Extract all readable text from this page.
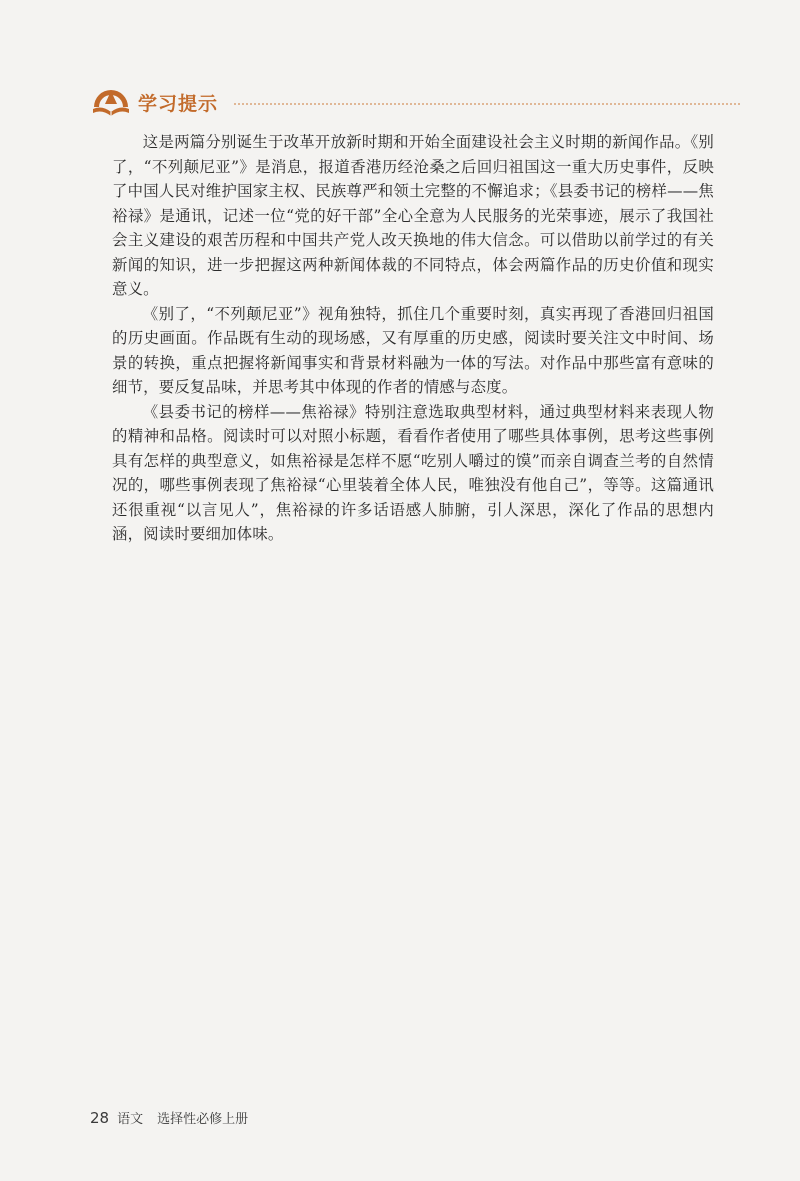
学习提示

这是两篇分别诞生于改革开放新时期和开始全面建设社会主义时期的新闻作品。《别了，“不列颠尼亚”》是消息，报道香港历经沧桑之后回归祖国这一重大历史事件，反映了中国人民对维护国家主权、民族尊严和领土完整的不懈追求；《县委书记的榜样——焦裕禄》是通讯，记述一位“党的好干部”全心全意为人民服务的光荣事迹，展示了我国社会主义建设的艰苦历程和中国共产党人改天换地的伟大信念。可以借助以前学过的有关新闻的知识，进一步把握这两种新闻体裁的不同特点，体会两篇作品的历史价值和现实意义。

《别了，“不列颠尼亚”》视角独特，抓住几个重要时刻，真实再现了香港回归祖国的历史画面。作品既有生动的现场感，又有厚重的历史感，阅读时要关注文中时间、场景的转换，重点把握将新闻事实和背景材料融为一体的写法。对作品中那些富有意味的细节，要反复品味，并思考其中体现的作者的情感与态度。

《县委书记的榜样——焦裕禄》特别注意选取典型材料，通过典型材料来表现人物的精神和品格。阅读时可以对照小标题，看看作者使用了哪些具体事例，思考这些事例具有怎样的典型意义，如焦裕禄是怎样不愿“吃别人嚼过的馍”而亲自调查兰考的自然情况的，哪些事例表现了焦裕禄“心里装着全体人民，唯独没有他自己”，等等。这篇通讯还很重视“以言见人”，焦裕禄的许多话语感人肺腑，引人深思，深化了作品的思想内涵，阅读时要细加体味。

28 语文 选择性必修上册
